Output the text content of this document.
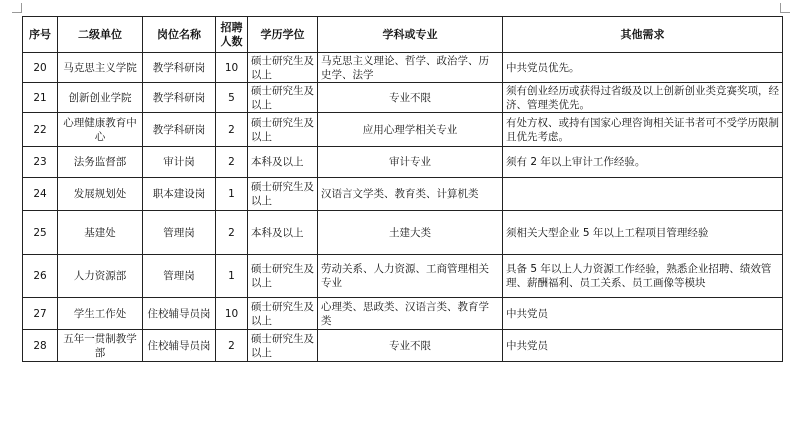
序号	二级单位	岗位名称	招聘人数	学历学位	学科或专业	其他需求
20	马克思主义学院	教学科研岗	10	硕士研究生及以上	马克思主义理论、哲学、政治学、历史学、法学	中共党员优先。
21	创新创业学院	教学科研岗	5	硕士研究生及以上	专业不限	须有创业经历或获得过省级及以上创新创业类竞赛奖项，经济、管理类优先。
22	心理健康教育中心	教学科研岗	2	硕士研究生及以上	应用心理学相关专业	有处方权、或持有国家心理咨询相关证书者可不受学历限制且优先考虑。
23	法务监督部	审计岗	2	本科及以上	审计专业	须有 2 年以上审计工作经验。
24	发展规划处	职本建设岗	1	硕士研究生及以上	汉语言文学类、教育类、计算机类	
25	基建处	管理岗	2	本科及以上	土建大类	须相关大型企业 5 年以上工程项目管理经验
26	人力资源部	管理岗	1	硕士研究生及以上	劳动关系、人力资源、工商管理相关专业	具备 5 年以上人力资源工作经验，熟悉企业招聘、绩效管理、薪酬福利、员工关系、员工画像等模块
27	学生工作处	住校辅导员岗	10	硕士研究生及以上	心理类、思政类、汉语言类、教育学类	中共党员
28	五年一贯制教学部	住校辅导员岗	2	硕士研究生及以上	专业不限	中共党员
